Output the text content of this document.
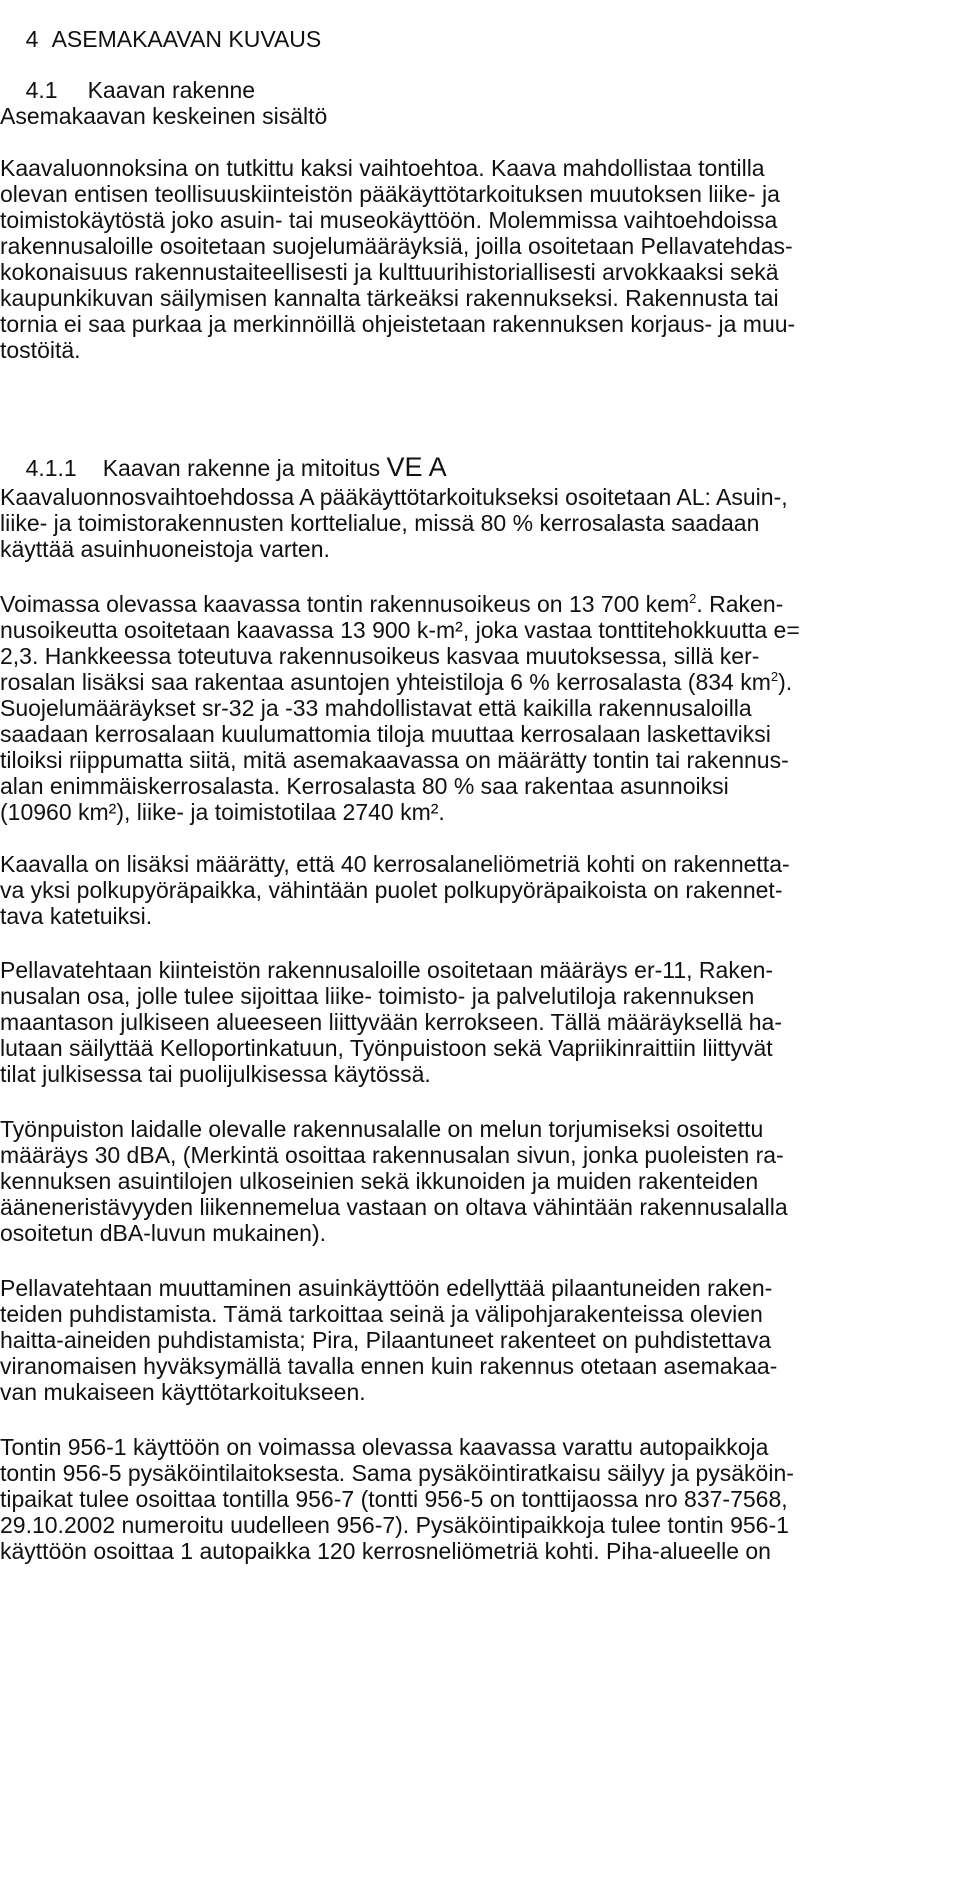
4 ASEMAKAAVAN KUVAUS

4.1 Kaavan rakenne

Asemakaavan keskeinen sisältö
Kaavaluonnoksina on tutkittu kaksi vaihtoehtoa. Kaava mahdollistaa tontilla
olevan entisen teollisuuskiinteistön pääkäyttötarkoituksen muutoksen liike- ja
toimistokäytöstä joko asuin- tai museokäyttöön. Molemmissa vaihtoehdoissa
rakennusaloille osoitetaan suojelumääräyksiä, joilla osoitetaan Pellavatehdas-
kokonaisuus rakennustaiteellisesti ja kulttuurihistoriallisesti arvokkaaksi sekä
kaupunkikuvan säilymisen kannalta tärkeäksi rakennukseksi. Rakennusta tai
tornia ei saa purkaa ja merkinnöillä ohjeistetaan rakennuksen korjaus- ja muu-
tostöitä.

4.1.1 Kaavan rakenne ja mitoitus VE A

Kaavaluonnosvaihtoehdossa A pääkäyttötarkoitukseksi osoitetaan AL: Asuin-,
liike- ja toimistorakennusten korttelialue, missä 80 % kerrosalasta saadaan
käyttää asuinhuoneistoja varten.
Voimassa olevassa kaavassa tontin rakennusoikeus on 13 700 kem$^2$. Raken-
nusoikeutta osoitetaan kaavassa 13 900 k-m², joka vastaa tonttitehokkuutta e=
2,3. Hankkeessa toteutuva rakennusoikeus kasvaa muutoksessa, sillä ker-
rosalan lisäksi saa rakentaa asuntojen yhteistiloja 6 % kerrosalasta (834 $km^2$).
Suojelumääräykset sr-32 ja -33 mahdollistavat että kaikilla rakennusaloilla
saadaan kerrosalaan kuulumattomia tiloja muuttaa kerrosalaan laskettaviksi
tiloiksi riippumatta siitä, mitä asemakaavassa on määrätty tontin tai rakennus-
alan enimmäiskerrosalasta. Kerrosalasta 80 % saa rakentaa asunnoiksi
(10960 km²), liike- ja toimistotilaa 2740 km².
Kaavalla on lisäksi määrätty, että 40 kerrosalaneliömetriä kohti on rakennetta-
va yksi polkupyöräpaikka, vähintään puolet polkupyöräpaikoista on rakennet-
tava katetuiksi.
Pellavatehtaan kiinteistön rakennusaloille osoitetaan määräys er-11, Raken-
nusalan osa, jolle tulee sijoittaa liike- toimisto- ja palvelutiloja rakennuksen
maantason julkiseen alueeseen liittyvään kerrokseen. Tällä määräyksellä ha-
lutaan säilyttää Kelloportinkatuun, Työnpuistoon sekä Vapriikinraittiin liittyvät
tilat julkisessa tai puolijulkisessa käytössä.
Työnpuiston laidalle olevalle rakennusalalle on melun torjumiseksi osoitettu
määräys 30 dBA, (Merkintä osoittaa rakennusalan sivun, jonka puoleisten ra-
kennuksen asuintilojen ulkoseinien sekä ikkunoiden ja muiden rakenteiden
ääneneristävyyden liikennemelua vastaan on oltava vähintään rakennusalalla
osoitetun dBA-luvun mukainen).
Pellavatehtaan muuttaminen asuinkäyttöön edellyttää pilaantuneiden raken-
teiden puhdistamista. Tämä tarkoittaa seinä ja välipohjarakenteissa olevien
haitta-aineiden puhdistamista; Pira, Pilaantuneet rakenteet on puhdistettava
viranomaisen hyväksymällä tavalla ennen kuin rakennus otetaan asemakaa-
van mukaiseen käyttötarkoitukseen.
Tontin 956-1 käyttöön on voimassa olevassa kaavassa varattu autopaikkoja
tontin 956-5 pysäköintilaitoksesta. Sama pysäköintiratkaisu säilyy ja pysäköin-
tipaikat tulee osoittaa tontilla 956-7 (tontti 956-5 on tonttijaossa nro 837-7568,
29.10.2002 numeroitu uudelleen 956-7). Pysäköintipaikkoja tulee tontin 956-1
käyttöön osoittaa 1 autopaikka 120 kerrosneliömetriä kohti. Piha-alueelle on
